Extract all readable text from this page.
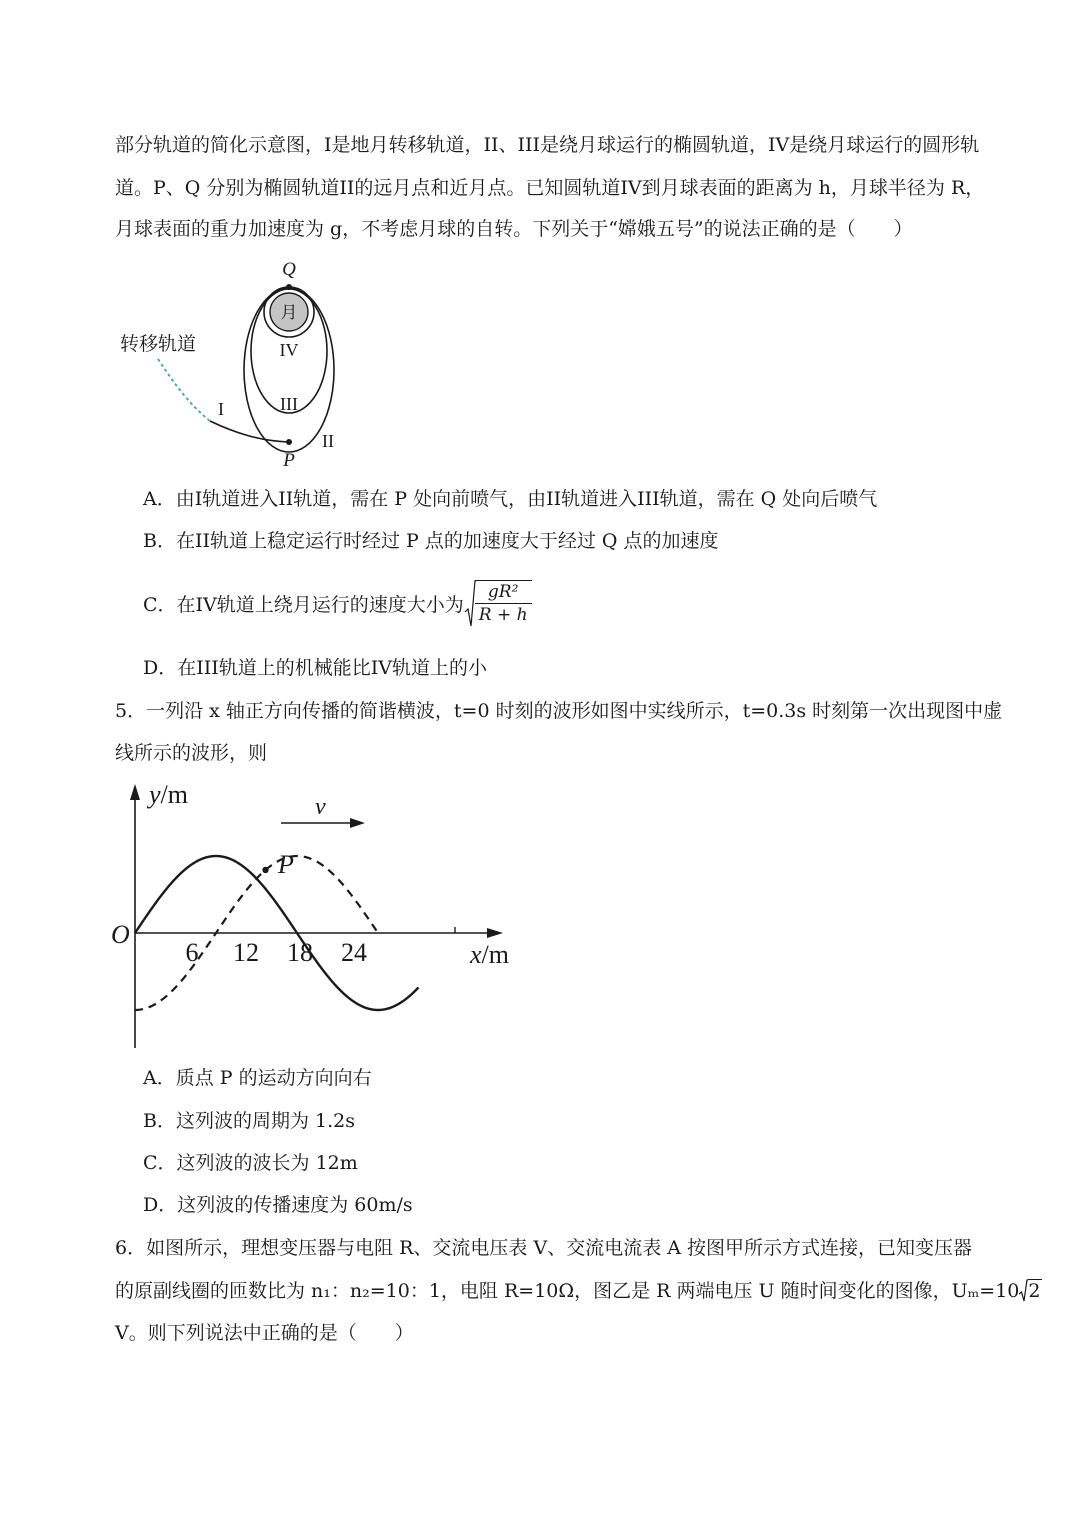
部分轨道的简化示意图，I是地月转移轨道，II、III是绕月球运行的椭圆轨道，IV是绕月球运行的圆形轨
道。P、Q 分别为椭圆轨道II的远月点和近月点。已知圆轨道IV到月球表面的距离为 h，月球半径为 R，
月球表面的重力加速度为 g，不考虑月球的自转。下列关于“嫦娥五号”的说法正确的是（　　）
月
Q
P
IV
III
I
II
转移轨道
A．由I轨道进入II轨道，需在 P 处向前喷气，由II轨道进入III轨道，需在 Q 处向后喷气
B．在II轨道上稳定运行时经过 P 点的加速度大于经过 Q 点的加速度
C．在IV轨道上绕月运行的速度大小为 $\frac{\text{gR²}}{R + h}$
D．在III轨道上的机械能比IV轨道上的小
5．一列沿 x 轴正方向传播的简谐横波，t=0 时刻的波形如图中实线所示，t=0.3s 时刻第一次出现图中虚
线所示的波形，则
6 12 18 24
v
P
y/m
x/m
O
A．质点 P 的运动方向向右
B．这列波的周期为 1.2s
C．这列波的波长为 12m
D．这列波的传播速度为 60m/s
6．如图所示，理想变压器与电阻 R、交流电压表 V、交流电流表 A 按图甲所示方式连接，已知变压器
的原副线圈的匝数比为 n₁：n₂=10：1，电阻 R=10Ω，图乙是 R 两端电压 U 随时间变化的图像，Uₘ=10 2
V。则下列说法中正确的是（　　）
